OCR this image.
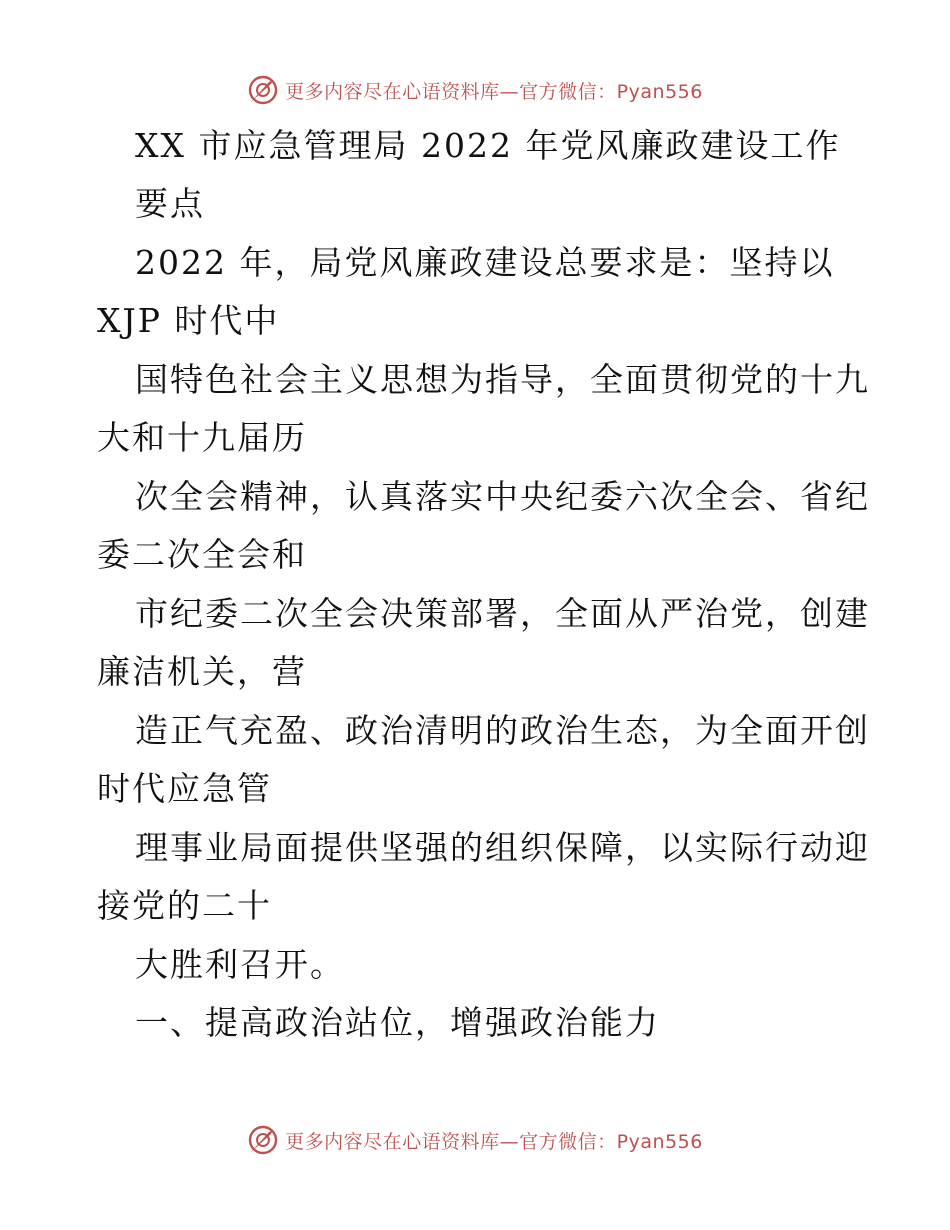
更多内容尽在心语资料库—官方微信：Pyan556
XX 市应急管理局 2022 年党风廉政建设工作
要点
2022 年，局党风廉政建设总要求是：坚持以
XJP 时代中
国特色社会主义思想为指导，全面贯彻党的十九
大和十九届历
次全会精神，认真落实中央纪委六次全会、省纪
委二次全会和
市纪委二次全会决策部署，全面从严治党，创建
廉洁机关，营
造正气充盈、政治清明的政治生态，为全面开创
时代应急管
理事业局面提供坚强的组织保障，以实际行动迎
接党的二十
大胜利召开。
一、提高政治站位，增强政治能力
更多内容尽在心语资料库—官方微信：Pyan556
